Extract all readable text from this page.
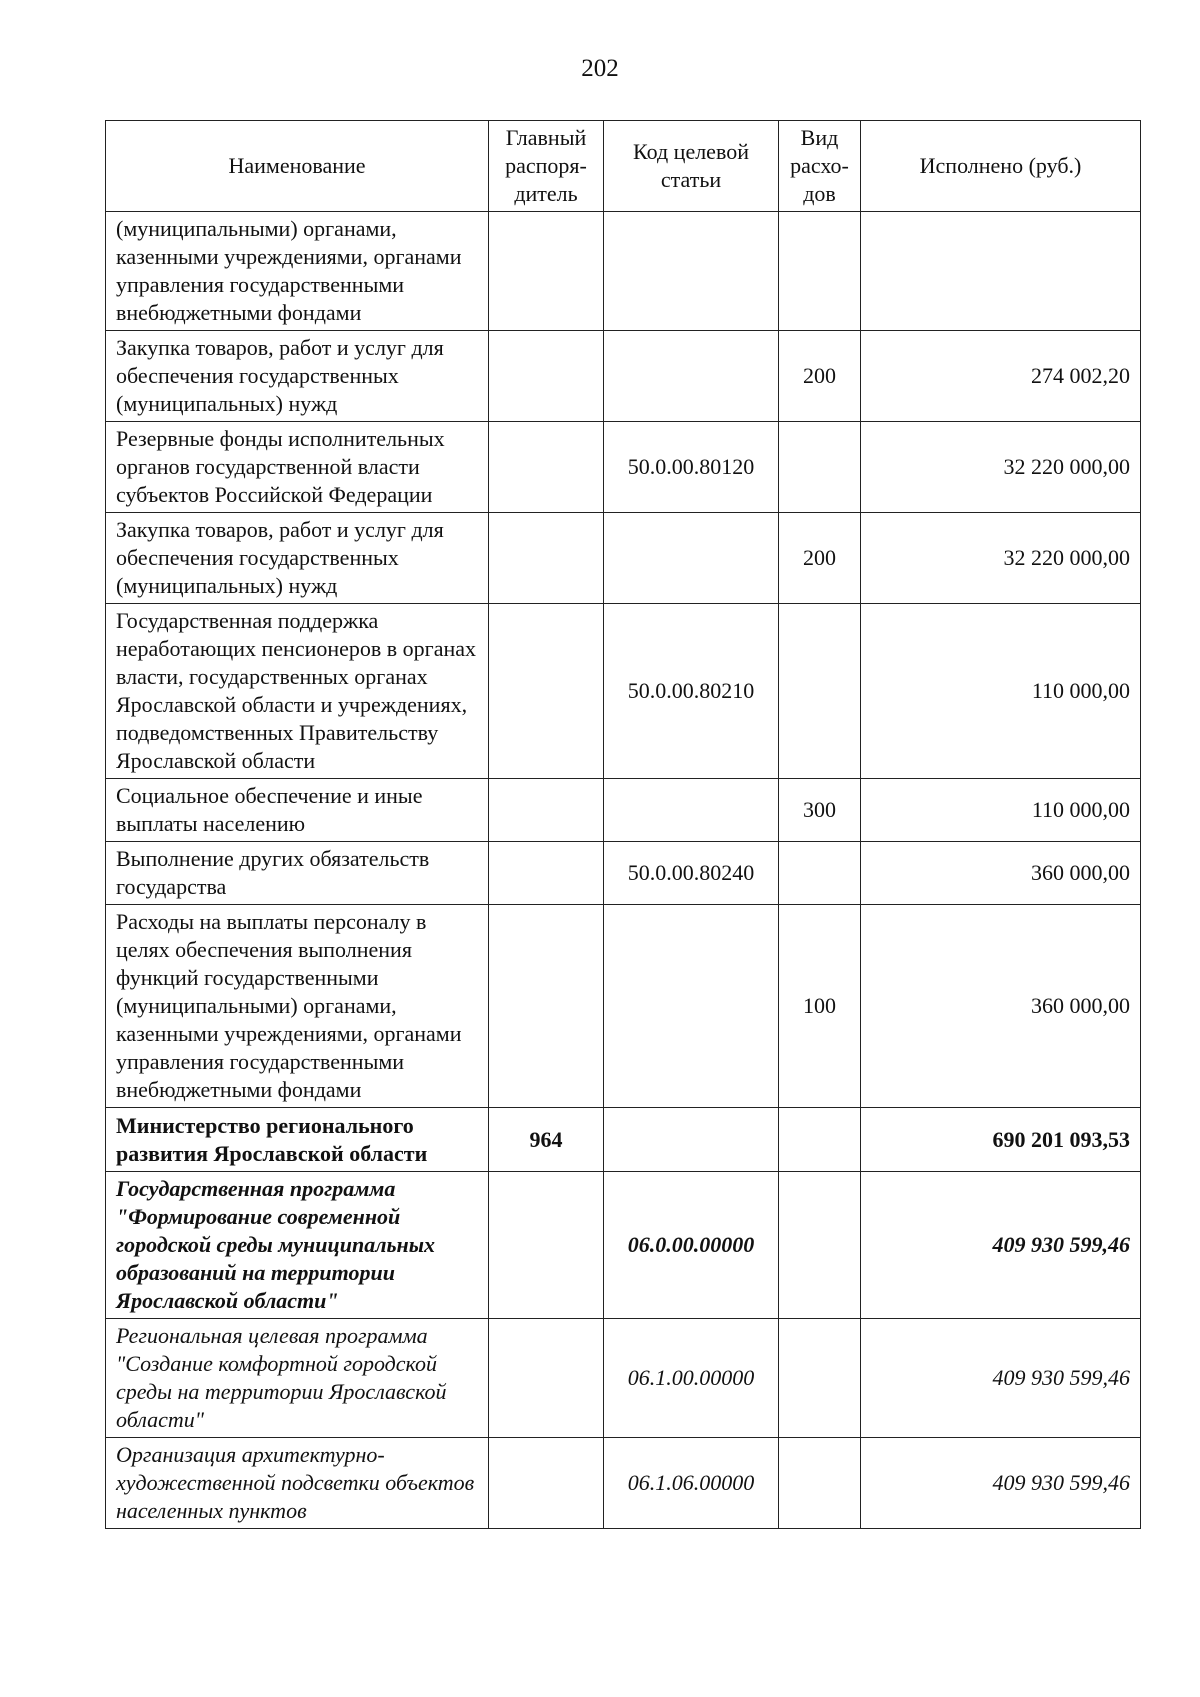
202
Наименование	Главный распоря-дитель	Код целевой статьи	Вид расхо-дов	Исполнено (руб.)
(муниципальными) органами, казенными учреждениями, органами управления государственными внебюджетными фондами				
Закупка товаров, работ и услуг для обеспечения государственных (муниципальных) нужд			200	274 002,20
Резервные фонды исполнительных органов государственной власти субъектов Российской Федерации		50.0.00.80120		32 220 000,00
Закупка товаров, работ и услуг для обеспечения государственных (муниципальных) нужд			200	32 220 000,00
Государственная поддержка неработающих пенсионеров в органах власти, государственных органах Ярославской области и учреждениях, подведомственных Правительству Ярославской области		50.0.00.80210		110 000,00
Социальное обеспечение и иные выплаты населению			300	110 000,00
Выполнение других обязательств государства		50.0.00.80240		360 000,00
Расходы на выплаты персоналу в целях обеспечения выполнения функций государственными (муниципальными) органами, казенными учреждениями, органами управления государственными внебюджетными фондами			100	360 000,00
Министерство регионального развития Ярославской области	964			690 201 093,53
Государственная программа "Формирование современной городской среды муниципальных образований на территории Ярославской области"		06.0.00.00000		409 930 599,46
Региональная целевая программа "Создание комфортной городской среды на территории Ярославской области"		06.1.00.00000		409 930 599,46
Организация архитектурно-художественной подсветки объектов населенных пунктов		06.1.06.00000		409 930 599,46
